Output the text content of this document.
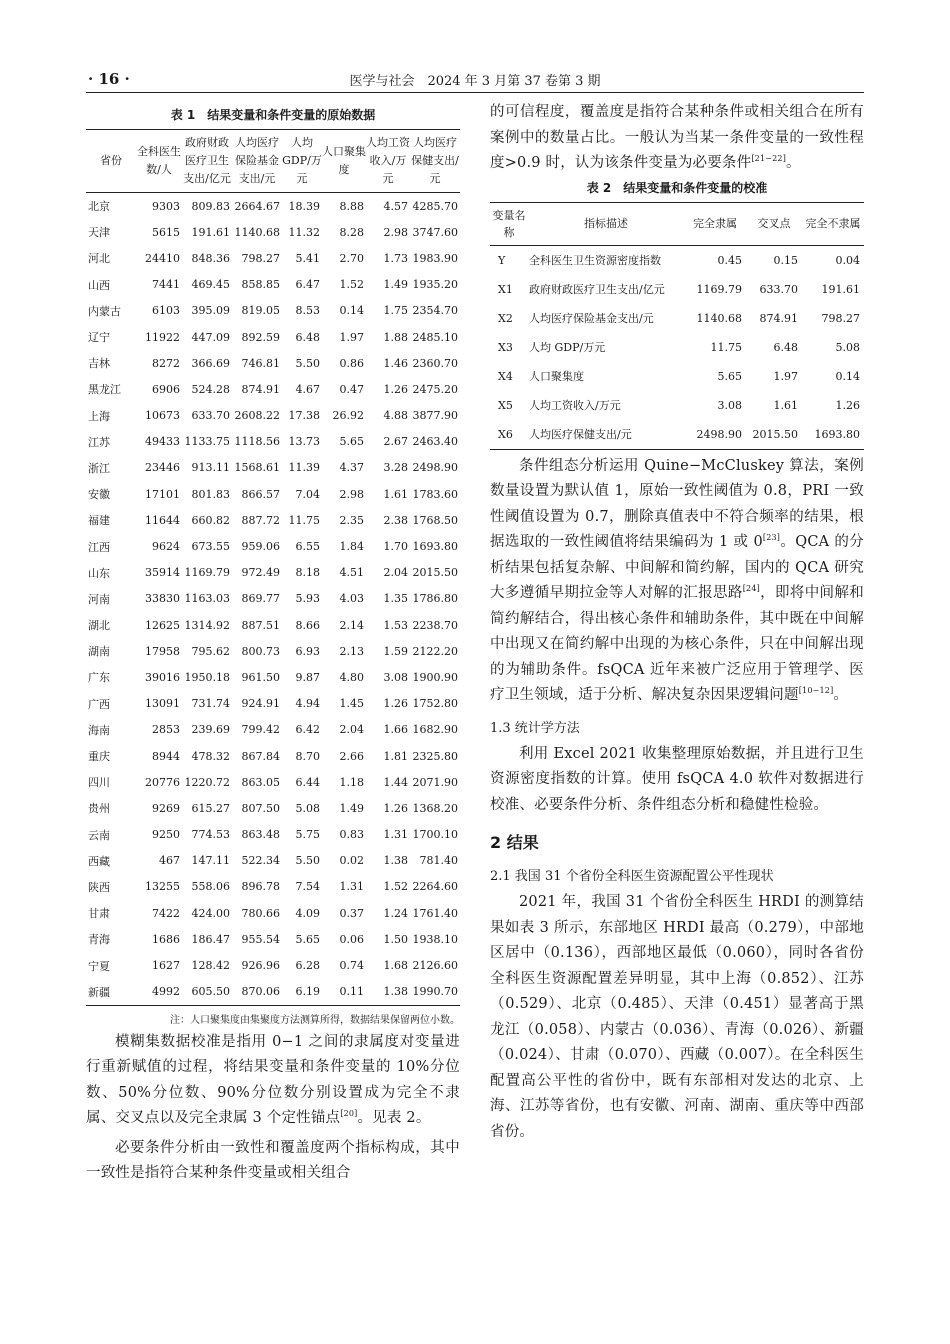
· 16 ·	医学与社会　2024 年 3 月第 37 卷第 3 期
表 1　结果变量和条件变量的原始数据
省份	全科医生数/人	政府财政医疗卫生支出/亿元	人均医疗保险基金支出/元	人均GDP/万元	人口聚集度	人均工资收入/万元	人均医疗保健支出/元
北京	9303	809.83	2664.67	18.39	8.88	4.57	4285.70
天津	5615	191.61	1140.68	11.32	8.28	2.98	3747.60
河北	24410	848.36	798.27	5.41	2.70	1.73	1983.90
山西	7441	469.45	858.85	6.47	1.52	1.49	1935.20
内蒙古	6103	395.09	819.05	8.53	0.14	1.75	2354.70
辽宁	11922	447.09	892.59	6.48	1.97	1.88	2485.10
吉林	8272	366.69	746.81	5.50	0.86	1.46	2360.70
黑龙江	6906	524.28	874.91	4.67	0.47	1.26	2475.20
上海	10673	633.70	2608.22	17.38	26.92	4.88	3877.90
江苏	49433	1133.75	1118.56	13.73	5.65	2.67	2463.40
浙江	23446	913.11	1568.61	11.39	4.37	3.28	2498.90
安徽	17101	801.83	866.57	7.04	2.98	1.61	1783.60
福建	11644	660.82	887.72	11.75	2.35	2.38	1768.50
江西	9624	673.55	959.06	6.55	1.84	1.70	1693.80
山东	35914	1169.79	972.49	8.18	4.51	2.04	2015.50
河南	33830	1163.03	869.77	5.93	4.03	1.35	1786.80
湖北	12625	1314.92	887.51	8.66	2.14	1.53	2238.70
湖南	17958	795.62	800.73	6.93	2.13	1.59	2122.20
广东	39016	1950.18	961.50	9.87	4.80	3.08	1900.90
广西	13091	731.74	924.91	4.94	1.45	1.26	1752.80
海南	2853	239.69	799.42	6.42	2.04	1.66	1682.90
重庆	8944	478.32	867.84	8.70	2.66	1.81	2325.80
四川	20776	1220.72	863.05	6.44	1.18	1.44	2071.90
贵州	9269	615.27	807.50	5.08	1.49	1.26	1368.20
云南	9250	774.53	863.48	5.75	0.83	1.31	1700.10
西藏	467	147.11	522.34	5.50	0.02	1.38	781.40
陕西	13255	558.06	896.78	7.54	1.31	1.52	2264.60
甘肃	7422	424.00	780.66	4.09	0.37	1.24	1761.40
青海	1686	186.47	955.54	5.65	0.06	1.50	1938.10
宁夏	1627	128.42	926.96	6.28	0.74	1.68	2126.60
新疆	4992	605.50	870.06	6.19	0.11	1.38	1990.70
注：人口聚集度由集聚度方法测算所得，数据结果保留两位小数。

模糊集数据校准是指用 0−1 之间的隶属度对变量进行重新赋值的过程，将结果变量和条件变量的 10%分位数、50%分位数、90%分位数分别设置成为完全不隶属、交叉点以及完全隶属 3 个定性锚点[20]。见表 2。

必要条件分析由一致性和覆盖度两个指标构成，其中一致性是指符合某种条件变量或相关组合

的可信程度，覆盖度是指符合某种条件或相关组合在所有案例中的数量占比。一般认为当某一条件变量的一致性程度>0.9 时，认为该条件变量为必要条件[21−22]。

表 2　结果变量和条件变量的校准
变量名称	指标描述	完全隶属	交叉点	完全不隶属
Y	全科医生卫生资源密度指数	0.45	0.15	0.04
X1	政府财政医疗卫生支出/亿元	1169.79	633.70	191.61
X2	人均医疗保险基金支出/元	1140.68	874.91	798.27
X3	人均 GDP/万元	11.75	6.48	5.08
X4	人口聚集度	5.65	1.97	0.14
X5	人均工资收入/万元	3.08	1.61	1.26
X6	人均医疗保健支出/元	2498.90	2015.50	1693.80

条件组态分析运用 Quine−McCluskey 算法，案例数量设置为默认值 1，原始一致性阈值为 0.8，PRI 一致性阈值设置为 0.7，删除真值表中不符合频率的结果，根据选取的一致性阈值将结果编码为 1 或 0[23]。QCA 的分析结果包括复杂解、中间解和简约解，国内的 QCA 研究大多遵循早期拉金等人对解的汇报思路[24]，即将中间解和简约解结合，得出核心条件和辅助条件，其中既在中间解中出现又在简约解中出现的为核心条件，只在中间解出现的为辅助条件。fsQCA 近年来被广泛应用于管理学、医疗卫生领域，适于分析、解决复杂因果逻辑问题[10−12]。

1.3 统计学方法

利用 Excel 2021 收集整理原始数据，并且进行卫生资源密度指数的计算。使用 fsQCA 4.0 软件对数据进行校准、必要条件分析、条件组态分析和稳健性检验。

2 结果
2.1 我国 31 个省份全科医生资源配置公平性现状

2021 年，我国 31 个省份全科医生 HRDI 的测算结果如表 3 所示，东部地区 HRDI 最高（0.279），中部地区居中（0.136），西部地区最低（0.060），同时各省份全科医生资源配置差异明显，其中上海（0.852）、江苏（0.529）、北京（0.485）、天津（0.451）显著高于黑龙江（0.058）、内蒙古（0.036）、青海（0.026）、新疆（0.024）、甘肃（0.070）、西藏（0.007）。在全科医生配置高公平性的省份中，既有东部相对发达的北京、上海、江苏等省份，也有安徽、河南、湖南、重庆等中西部省份。
